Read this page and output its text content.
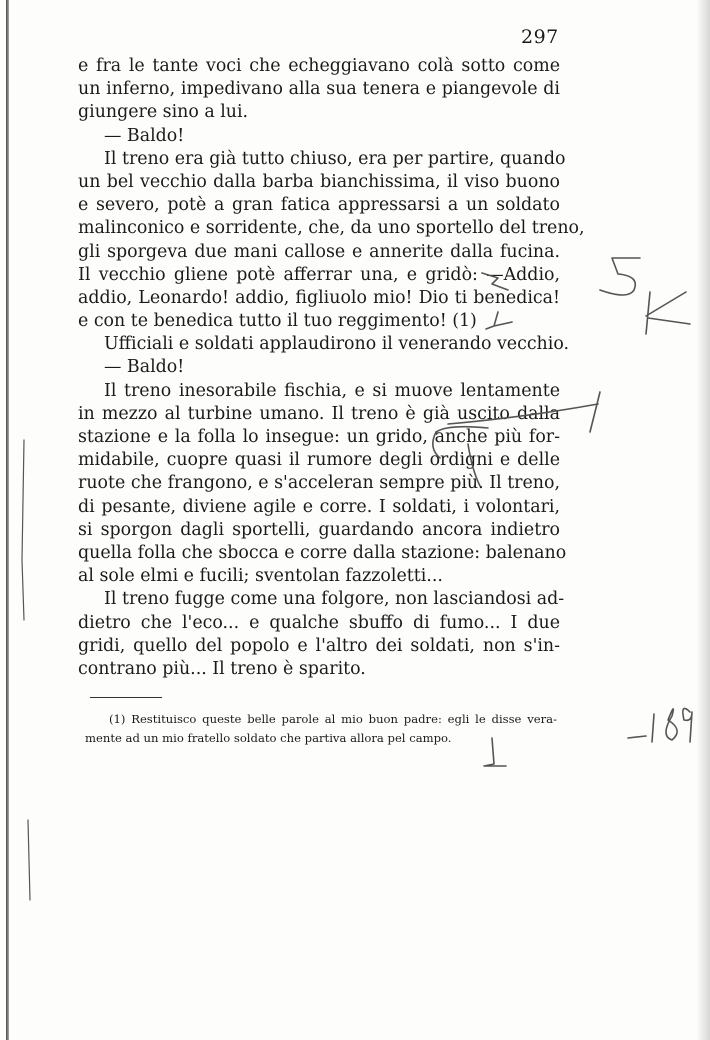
297
e fra le tante voci che echeggiavano colà sotto come
un inferno, impedivano alla sua tenera e piangevole di
giungere sino a lui.
— Baldo!
Il treno era già tutto chiuso, era per partire, quando
un bel vecchio dalla barba bianchissima, il viso buono
e severo, potè a gran fatica appressarsi a un soldato
malinconico e sorridente, che, da uno sportello del treno,
gli sporgeva due mani callose e annerite dalla fucina.
Il vecchio gliene potè afferrar una, e gridò: —Addio,
addio, Leonardo! addio, figliuolo mio! Dio ti benedica!
e con te benedica tutto il tuo reggimento! (1)
Ufficiali e soldati applaudirono il venerando vecchio.
— Baldo!
Il treno inesorabile fischia, e si muove lentamente
in mezzo al turbine umano. Il treno è già uscito dalla
stazione e la folla lo insegue: un grido, anche più for-
midabile, cuopre quasi il rumore degli ordigni e delle
ruote che frangono, e s'acceleran sempre più. Il treno,
di pesante, diviene agile e corre. I soldati, i volontari,
si sporgon dagli sportelli, guardando ancora indietro
quella folla che sbocca e corre dalla stazione: balenano
al sole elmi e fucili; sventolan fazzoletti...
Il treno fugge come una folgore, non lasciandosi ad-
dietro che l'eco... e qualche sbuffo di fumo... I due
gridi, quello del popolo e l'altro dei soldati, non s'in-
contrano più... Il treno è sparito.
(1) Restituisco queste belle parole al mio buon padre: egli le disse vera-
mente ad un mio fratello soldato che partiva allora pel campo.
